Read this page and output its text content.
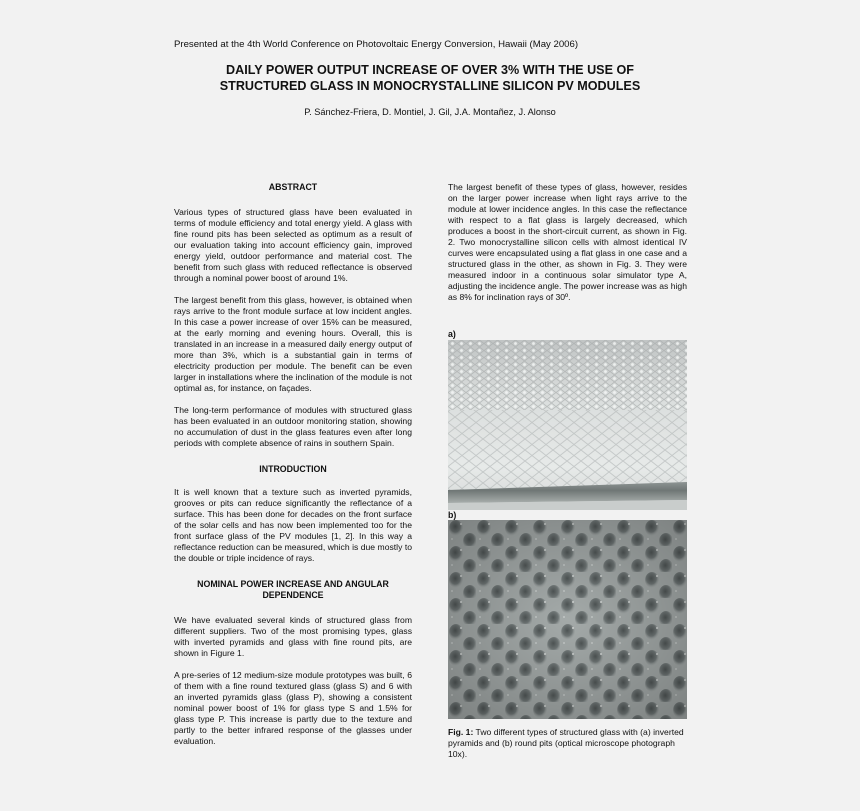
Presented at the 4th World Conference on Photovoltaic Energy Conversion, Hawaii (May 2006)
DAILY POWER OUTPUT INCREASE OF OVER 3% WITH THE USE OF
STRUCTURED GLASS IN MONOCRYSTALLINE SILICON PV MODULES
P. Sánchez-Friera, D. Montiel, J. Gil, J.A. Montañez, J. Alonso

ABSTRACT

Various types of structured glass have been evaluated in terms of module efficiency and total energy yield. A glass with fine round pits has been selected as optimum as a result of our evaluation taking into account efficiency gain, improved energy yield, outdoor performance and material cost. The benefit from such glass with reduced reflectance is observed through a nominal power boost of around 1%.

The largest benefit from this glass, however, is obtained when rays arrive to the front module surface at low incident angles. In this case a power increase of over 15% can be measured, at the early morning and evening hours. Overall, this is translated in an increase in a measured daily energy output of more than 3%, which is a substantial gain in terms of electricity production per module. The benefit can be even larger in installations where the inclination of the module is not optimal as, for instance, on façades.

The long-term performance of modules with structured glass has been evaluated in an outdoor monitoring station, showing no accumulation of dust in the glass features even after long periods with complete absence of rains in southern Spain.

INTRODUCTION

It is well known that a texture such as inverted pyramids, grooves or pits can reduce significantly the reflectance of a surface. This has been done for decades on the front surface of the solar cells and has now been implemented too for the front surface glass of the PV modules [1, 2]. In this way a reflectance reduction can be measured, which is due mostly to the double or triple incidence of rays.

NOMINAL POWER INCREASE AND ANGULAR
DEPENDENCE

We have evaluated several kinds of structured glass from different suppliers. Two of the most promising types, glass with inverted pyramids and glass with fine round pits, are shown in Figure 1.

A pre-series of 12 medium-size module prototypes was built, 6 of them with a fine round textured glass (glass S) and 6 with an inverted pyramids glass (glass P), showing a consistent nominal power boost of 1% for glass type S and 1.5% for glass type P. This increase is partly due to the texture and partly to the better infrared response of the glasses under evaluation.

The largest benefit of these types of glass, however, resides on the larger power increase when light rays arrive to the module at lower incidence angles. In this case the reflectance with respect to a flat glass is largely decreased, which produces a boost in the short-circuit current, as shown in Fig. 2. Two monocrystalline silicon cells with almost identical IV curves were encapsulated using a flat glass in one case and a structured glass in the other, as shown in Fig. 3. They were measured indoor in a continuous solar simulator type A, adjusting the incidence angle. The power increase was as high as 8% for inclination rays of 30º.

a)
b)
Fig. 1: Two different types of structured glass with (a) inverted pyramids and (b) round pits (optical microscope photograph 10x).
